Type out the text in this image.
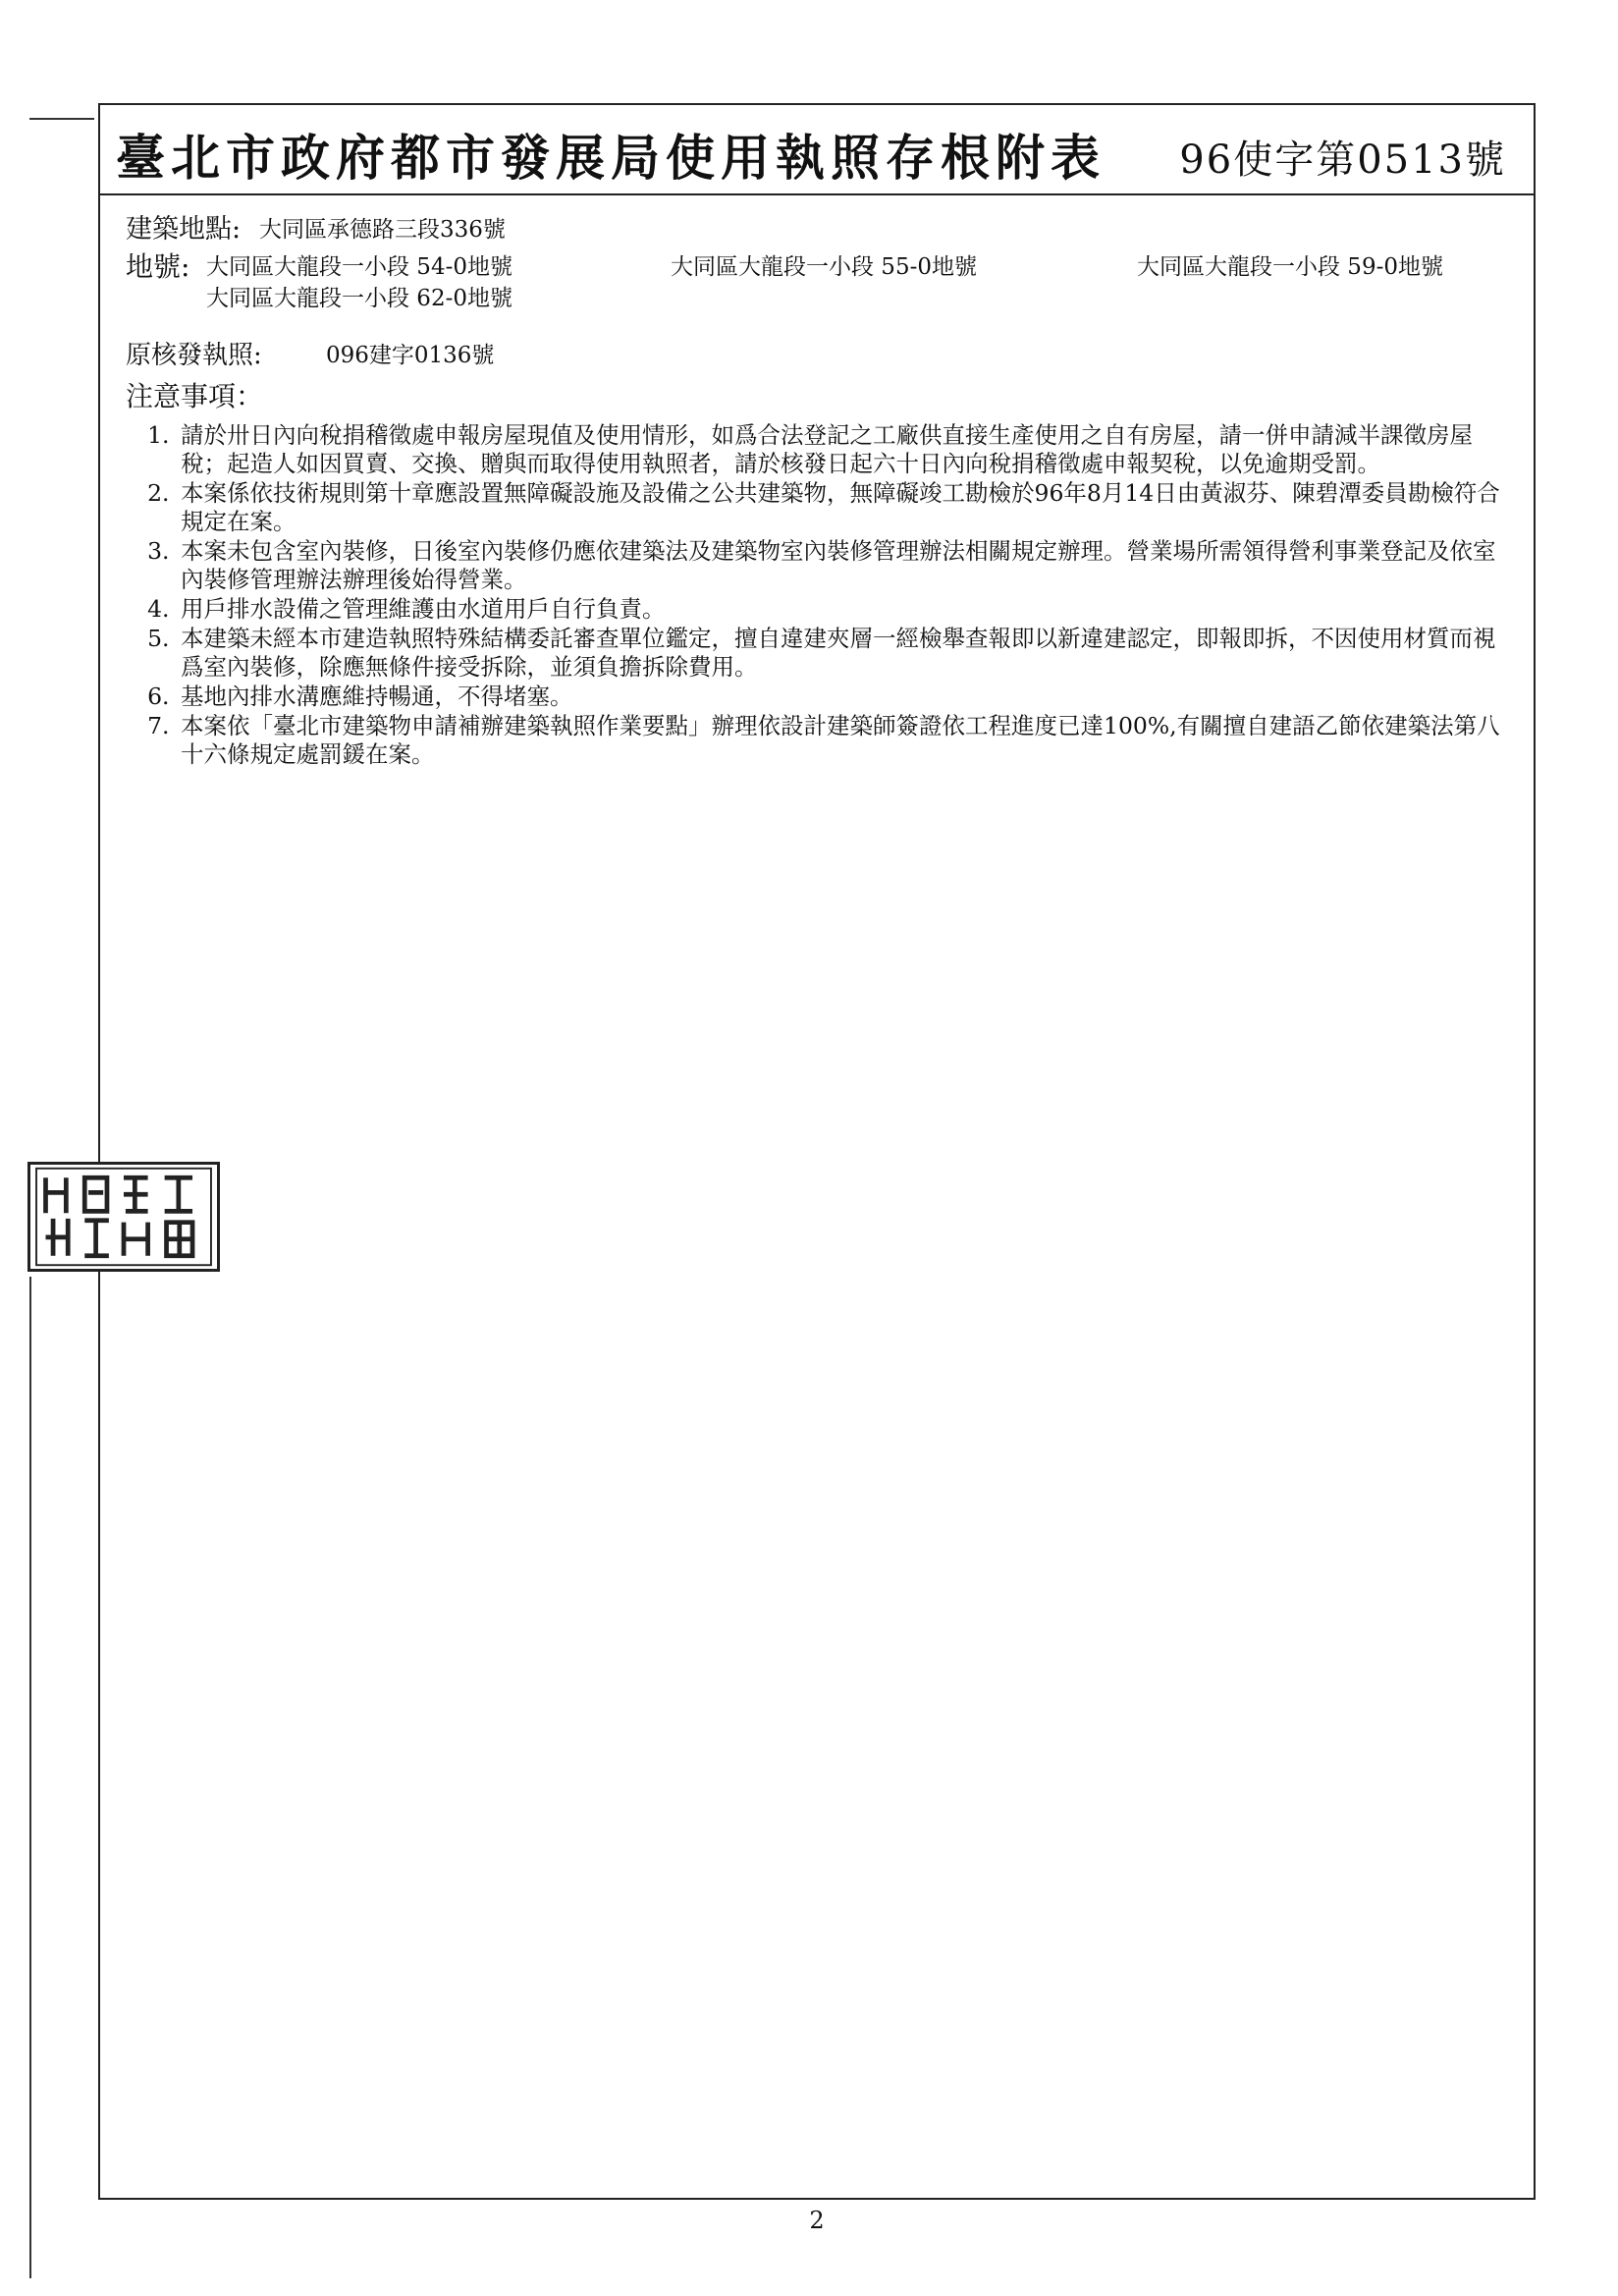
臺北市政府都市發展局使用執照存根附表 96使字第0513號
建築地點: 大同區承德路三段336號
地號: 大同區大龍段一小段 54-0地號	大同區大龍段一小段 55-0地號	大同區大龍段一小段 59-0地號
大同區大龍段一小段 62-0地號
原核發執照:	096建字0136號
注意事項：
1. 請於卅日內向稅捐稽徵處申報房屋現值及使用情形，如爲合法登記之工廠供直接生產使用之自有房屋，請一併申請減半課徵房屋稅；起造人如因買賣、交換、贈與而取得使用執照者，請於核發日起六十日內向稅捐稽徵處申報契稅，以免逾期受罰。
2. 本案係依技術規則第十章應設置無障礙設施及設備之公共建築物，無障礙竣工勘檢於96年8月14日由黃淑芬、陳碧潭委員勘檢符合規定在案。
3. 本案未包含室內裝修，日後室內裝修仍應依建築法及建築物室內裝修管理辦法相關規定辦理。營業場所需領得營利事業登記及依室內裝修管理辦法辦理後始得營業。
4. 用戶排水設備之管理維護由水道用戶自行負責。
5. 本建築未經本市建造執照特殊結構委託審查單位鑑定，擅自違建夾層一經檢舉查報即以新違建認定，即報即拆，不因使用材質而視爲室內裝修，除應無條件接受拆除，並須負擔拆除費用。
6. 基地內排水溝應維持暢通，不得堵塞。
7. 本案依「臺北市建築物申請補辦建築執照作業要點」辦理依設計建築師簽證依工程進度已達100%,有關擅自建語乙節依建築法第八十六條規定處罰鍰在案。
2
